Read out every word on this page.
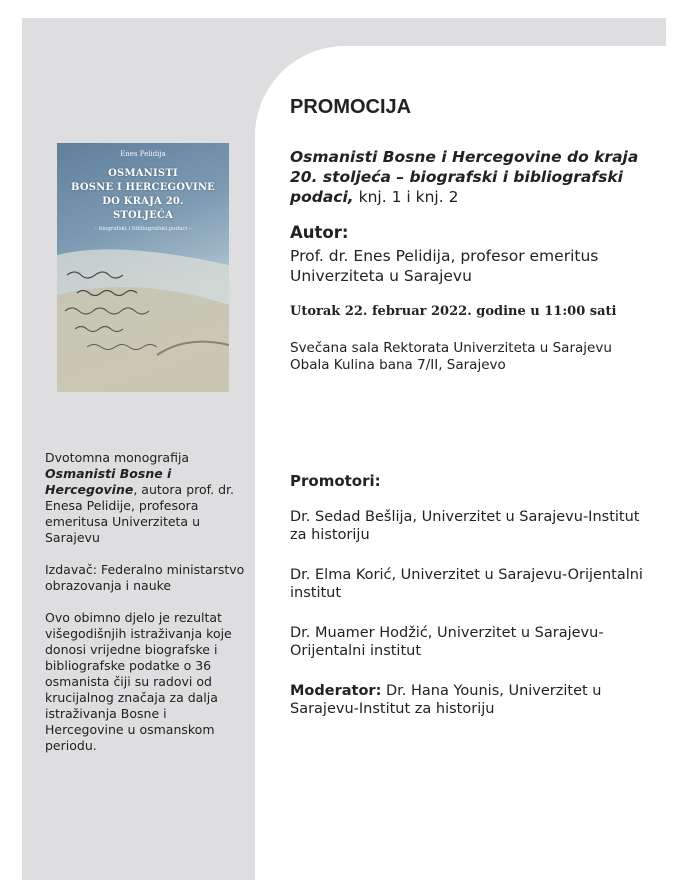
Enes Pelidija
OSMANISTI
BOSNE I HERCEGOVINE
DO KRAJA 20.
STOLJEĆA
– biografski i bibliografski podaci –

Dvotomna monografija Osmanisti Bosne i Hercegovine, autora prof. dr. Enesa Pelidije, profesora emeritusa Univerziteta u Sarajevu

Izdavač: Federalno ministarstvo obrazovanja i nauke

Ovo obimno djelo je rezultat višegodišnjih istraživanja koje donosi vrijedne biografske i bibliografske podatke o 36 osmanista čiji su radovi od krucijalnog značaja za dalja istraživanja Bosne i Hercegovine u osmanskom periodu.

PROMOCIJA
Osmanisti Bosne i Hercegovine do kraja 20. stoljeća – biografski i bibliografski podaci, knj. 1 i knj. 2
Autor:
Prof. dr. Enes Pelidija, profesor emeritus Univerziteta u Sarajevu
Utorak 22. februar 2022. godine u 11:00 sati
Svečana sala Rektorata Univerziteta u Sarajevu
Obala Kulina bana 7/II, Sarajevo
Promotori:
Dr. Sedad Bešlija, Univerzitet u Sarajevu-Institut za historiju
Dr. Elma Korić, Univerzitet u Sarajevu-Orijentalni institut
Dr. Muamer Hodžić, Univerzitet u Sarajevu-Orijentalni institut
Moderator: Dr. Hana Younis, Univerzitet u Sarajevu-Institut za historiju
